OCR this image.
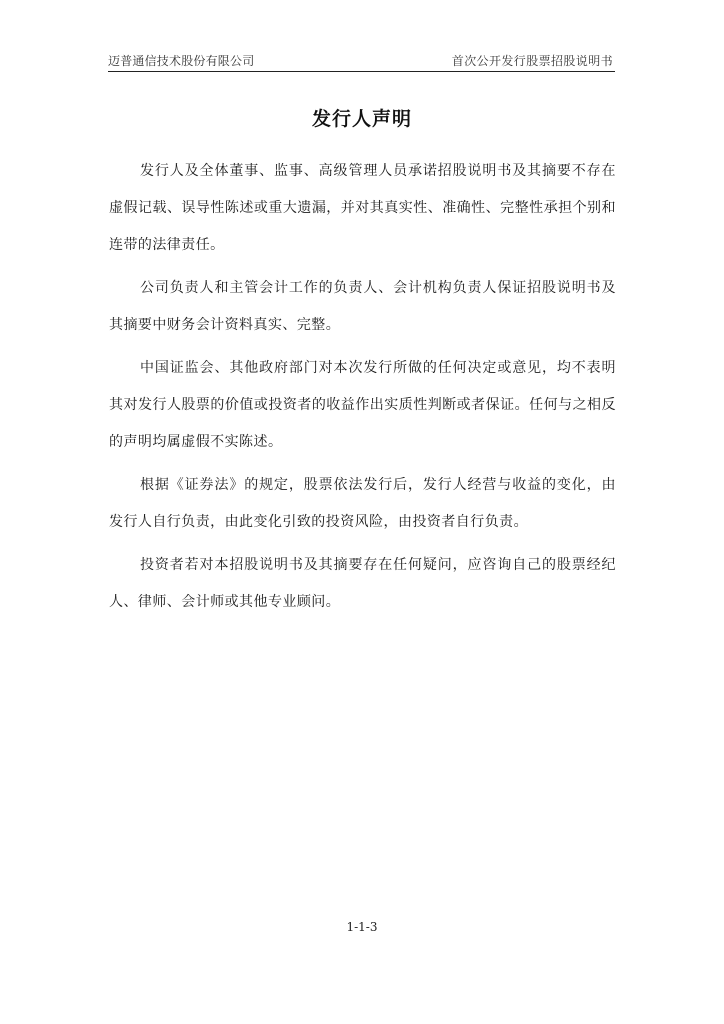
迈普通信技术股份有限公司	首次公开发行股票招股说明书
发行人声明

发行人及全体董事、监事、高级管理人员承诺招股说明书及其摘要不存在虚假记载、误导性陈述或重大遗漏，并对其真实性、准确性、完整性承担个别和连带的法律责任。

公司负责人和主管会计工作的负责人、会计机构负责人保证招股说明书及其摘要中财务会计资料真实、完整。

中国证监会、其他政府部门对本次发行所做的任何决定或意见，均不表明其对发行人股票的价值或投资者的收益作出实质性判断或者保证。任何与之相反的声明均属虚假不实陈述。

根据《证券法》的规定，股票依法发行后，发行人经营与收益的变化，由发行人自行负责，由此变化引致的投资风险，由投资者自行负责。

投资者若对本招股说明书及其摘要存在任何疑问，应咨询自己的股票经纪人、律师、会计师或其他专业顾问。

1-1-3
